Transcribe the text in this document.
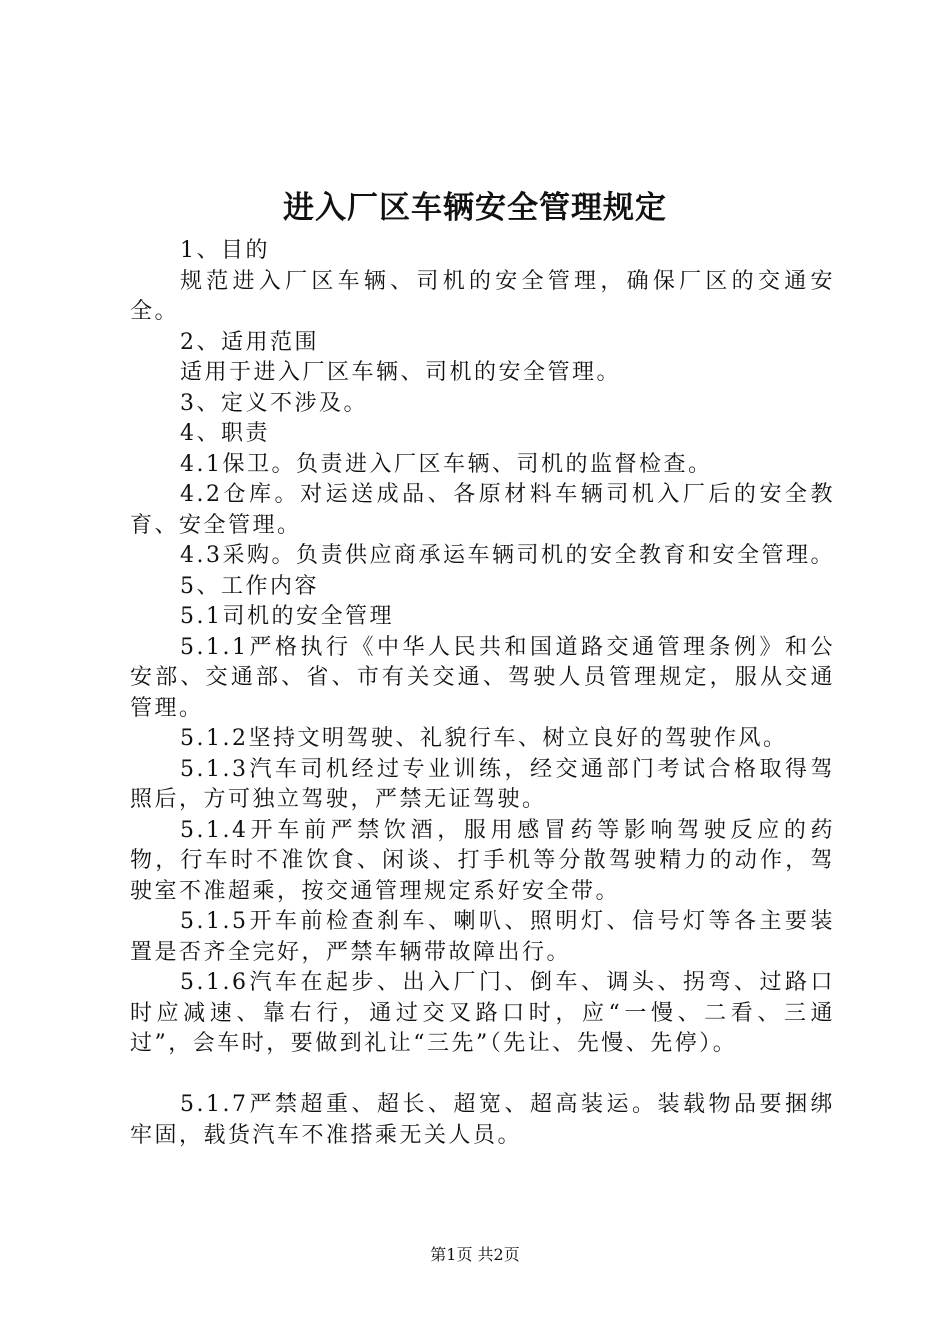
进入厂区车辆安全管理规定

1、目的

规范进入厂区车辆、司机的安全管理，确保厂区的交通安全。

2、适用范围

适用于进入厂区车辆、司机的安全管理。

3、定义不涉及。

4、职责

4.1保卫。负责进入厂区车辆、司机的监督检查。

4.2仓库。对运送成品、各原材料车辆司机入厂后的安全教育、安全管理。

4.3采购。负责供应商承运车辆司机的安全教育和安全管理。

5、工作内容

5.1司机的安全管理

5.1.1严格执行《中华人民共和国道路交通管理条例》和公安部、交通部、省、市有关交通、驾驶人员管理规定，服从交通管理。

5.1.2坚持文明驾驶、礼貌行车、树立良好的驾驶作风。

5.1.3汽车司机经过专业训练，经交通部门考试合格取得驾照后，方可独立驾驶，严禁无证驾驶。

5.1.4开车前严禁饮酒，服用感冒药等影响驾驶反应的药物，行车时不准饮食、闲谈、打手机等分散驾驶精力的动作，驾驶室不准超乘，按交通管理规定系好安全带。

5.1.5开车前检查刹车、喇叭、照明灯、信号灯等各主要装置是否齐全完好，严禁车辆带故障出行。

5.1.6汽车在起步、出入厂门、倒车、调头、拐弯、过路口时应减速、靠右行，通过交叉路口时，应“一慢、二看、三通过”，会车时，要做到礼让“三先”（先让、先慢、先停）。

5.1.7严禁超重、超长、超宽、超高装运。装载物品要捆绑牢固，载货汽车不准搭乘无关人员。

第1页 共2页
